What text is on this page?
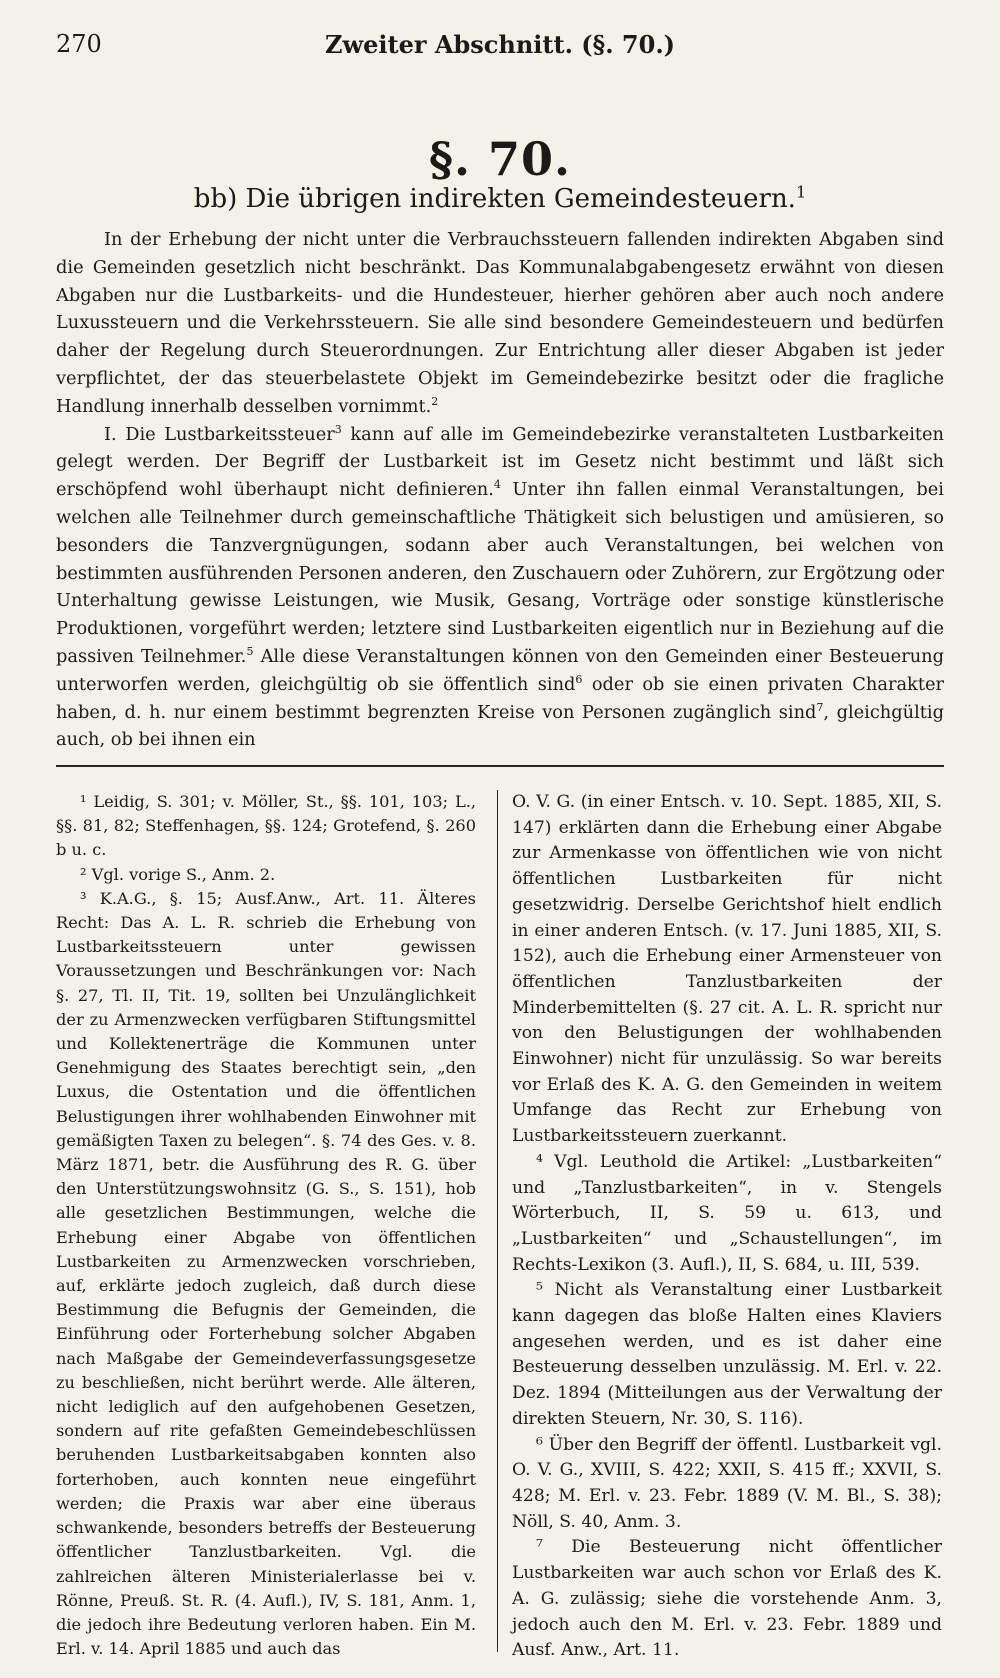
270	Zweiter Abschnitt. (§. 70.)
§. 70.
bb) Die übrigen indirekten Gemeindesteuern.$^1$

In der Erhebung der nicht unter die Verbrauchssteuern fallenden indirekten Abgaben sind die Gemeinden gesetzlich nicht beschränkt. Das Kommunalabgabengesetz erwähnt von diesen Abgaben nur die Lustbarkeits- und die Hundesteuer, hierher gehören aber auch noch andere Luxussteuern und die Verkehrssteuern. Sie alle sind besondere Gemeindesteuern und bedürfen daher der Regelung durch Steuerordnungen. Zur Entrichtung aller dieser Abgaben ist jeder verpflichtet, der das steuerbelastete Objekt im Gemeindebezirke besitzt oder die fragliche Handlung innerhalb desselben vornimmt.$^2$

I. Die Lustbarkeitssteuer$^3$ kann auf alle im Gemeindebezirke veranstalteten Lustbarkeiten gelegt werden. Der Begriff der Lustbarkeit ist im Gesetz nicht bestimmt und läßt sich erschöpfend wohl überhaupt nicht definieren.$^4$ Unter ihn fallen einmal Veranstaltungen, bei welchen alle Teilnehmer durch gemeinschaftliche Thätigkeit sich belustigen und amüsieren, so besonders die Tanzvergnügungen, sodann aber auch Veranstaltungen, bei welchen von bestimmten ausführenden Personen anderen, den Zuschauern oder Zuhörern, zur Ergötzung oder Unterhaltung gewisse Leistungen, wie Musik, Gesang, Vorträge oder sonstige künstlerische Produktionen, vorgeführt werden; letztere sind Lustbarkeiten eigentlich nur in Beziehung auf die passiven Teilnehmer.$^5$ Alle diese Veranstaltungen können von den Gemeinden einer Besteuerung unterworfen werden, gleichgültig ob sie öffentlich sind$^6$ oder ob sie einen privaten Charakter haben, d. h. nur einem bestimmt begrenzten Kreise von Personen zugänglich sind$^7$, gleichgültig auch, ob bei ihnen ein

¹ Leidig, S. 301; v. Möller, St., §§. 101, 103; L., §§. 81, 82; Steffenhagen, §§. 124; Grotefend, §. 260 b u. c.

² Vgl. vorige S., Anm. 2.

³ K.A.G., §. 15; Ausf.Anw., Art. 11. Älteres Recht: Das A. L. R. schrieb die Erhebung von Lustbarkeitssteuern unter gewissen Voraussetzungen und Beschränkungen vor: Nach §. 27, Tl. II, Tit. 19, sollten bei Unzulänglichkeit der zu Armenzwecken verfügbaren Stiftungsmittel und Kollektenerträge die Kommunen unter Genehmigung des Staates berechtigt sein, „den Luxus, die Ostentation und die öffentlichen Belustigungen ihrer wohlhabenden Einwohner mit gemäßigten Taxen zu belegen“. §. 74 des Ges. v. 8. März 1871, betr. die Ausführung des R. G. über den Unterstützungswohnsitz (G. S., S. 151), hob alle gesetzlichen Bestimmungen, welche die Erhebung einer Abgabe von öffentlichen Lustbarkeiten zu Armenzwecken vorschrieben, auf, erklärte jedoch zugleich, daß durch diese Bestimmung die Befugnis der Gemeinden, die Einführung oder Forterhebung solcher Abgaben nach Maßgabe der Gemeindeverfassungsgesetze zu beschließen, nicht berührt werde. Alle älteren, nicht lediglich auf den aufgehobenen Gesetzen, sondern auf rite gefaßten Gemeindebeschlüssen beruhenden Lustbarkeitsabgaben konnten also forterhoben, auch konnten neue eingeführt werden; die Praxis war aber eine überaus schwankende, besonders betreffs der Besteuerung öffentlicher Tanzlustbarkeiten. Vgl. die zahlreichen älteren Ministerialerlasse bei v. Rönne, Preuß. St. R. (4. Aufl.), IV, S. 181, Anm. 1, die jedoch ihre Bedeutung verloren haben. Ein M. Erl. v. 14. April 1885 und auch das

O. V. G. (in einer Entsch. v. 10. Sept. 1885, XII, S. 147) erklärten dann die Erhebung einer Abgabe zur Armenkasse von öffentlichen wie von nicht öffentlichen Lustbarkeiten für nicht gesetzwidrig. Derselbe Gerichtshof hielt endlich in einer anderen Entsch. (v. 17. Juni 1885, XII, S. 152), auch die Erhebung einer Armensteuer von öffentlichen Tanzlustbarkeiten der Minderbemittelten (§. 27 cit. A. L. R. spricht nur von den Belustigungen der wohlhabenden Einwohner) nicht für unzulässig. So war bereits vor Erlaß des K. A. G. den Gemeinden in weitem Umfange das Recht zur Erhebung von Lustbarkeitssteuern zuerkannt.

⁴ Vgl. Leuthold die Artikel: „Lustbarkeiten“ und „Tanzlustbarkeiten“, in v. Stengels Wörterbuch, II, S. 59 u. 613, und „Lustbarkeiten“ und „Schaustellungen“, im Rechts-Lexikon (3. Aufl.), II, S. 684, u. III, 539.

⁵ Nicht als Veranstaltung einer Lustbarkeit kann dagegen das bloße Halten eines Klaviers angesehen werden, und es ist daher eine Besteuerung desselben unzulässig. M. Erl. v. 22. Dez. 1894 (Mitteilungen aus der Verwaltung der direkten Steuern, Nr. 30, S. 116).

⁶ Über den Begriff der öffentl. Lustbarkeit vgl. O. V. G., XVIII, S. 422; XXII, S. 415 ff.; XXVII, S. 428; M. Erl. v. 23. Febr. 1889 (V. M. Bl., S. 38); Nöll, S. 40, Anm. 3.

⁷ Die Besteuerung nicht öffentlicher Lustbarkeiten war auch schon vor Erlaß des K. A. G. zulässig; siehe die vorstehende Anm. 3, jedoch auch den M. Erl. v. 23. Febr. 1889 und Ausf. Anw., Art. 11.
